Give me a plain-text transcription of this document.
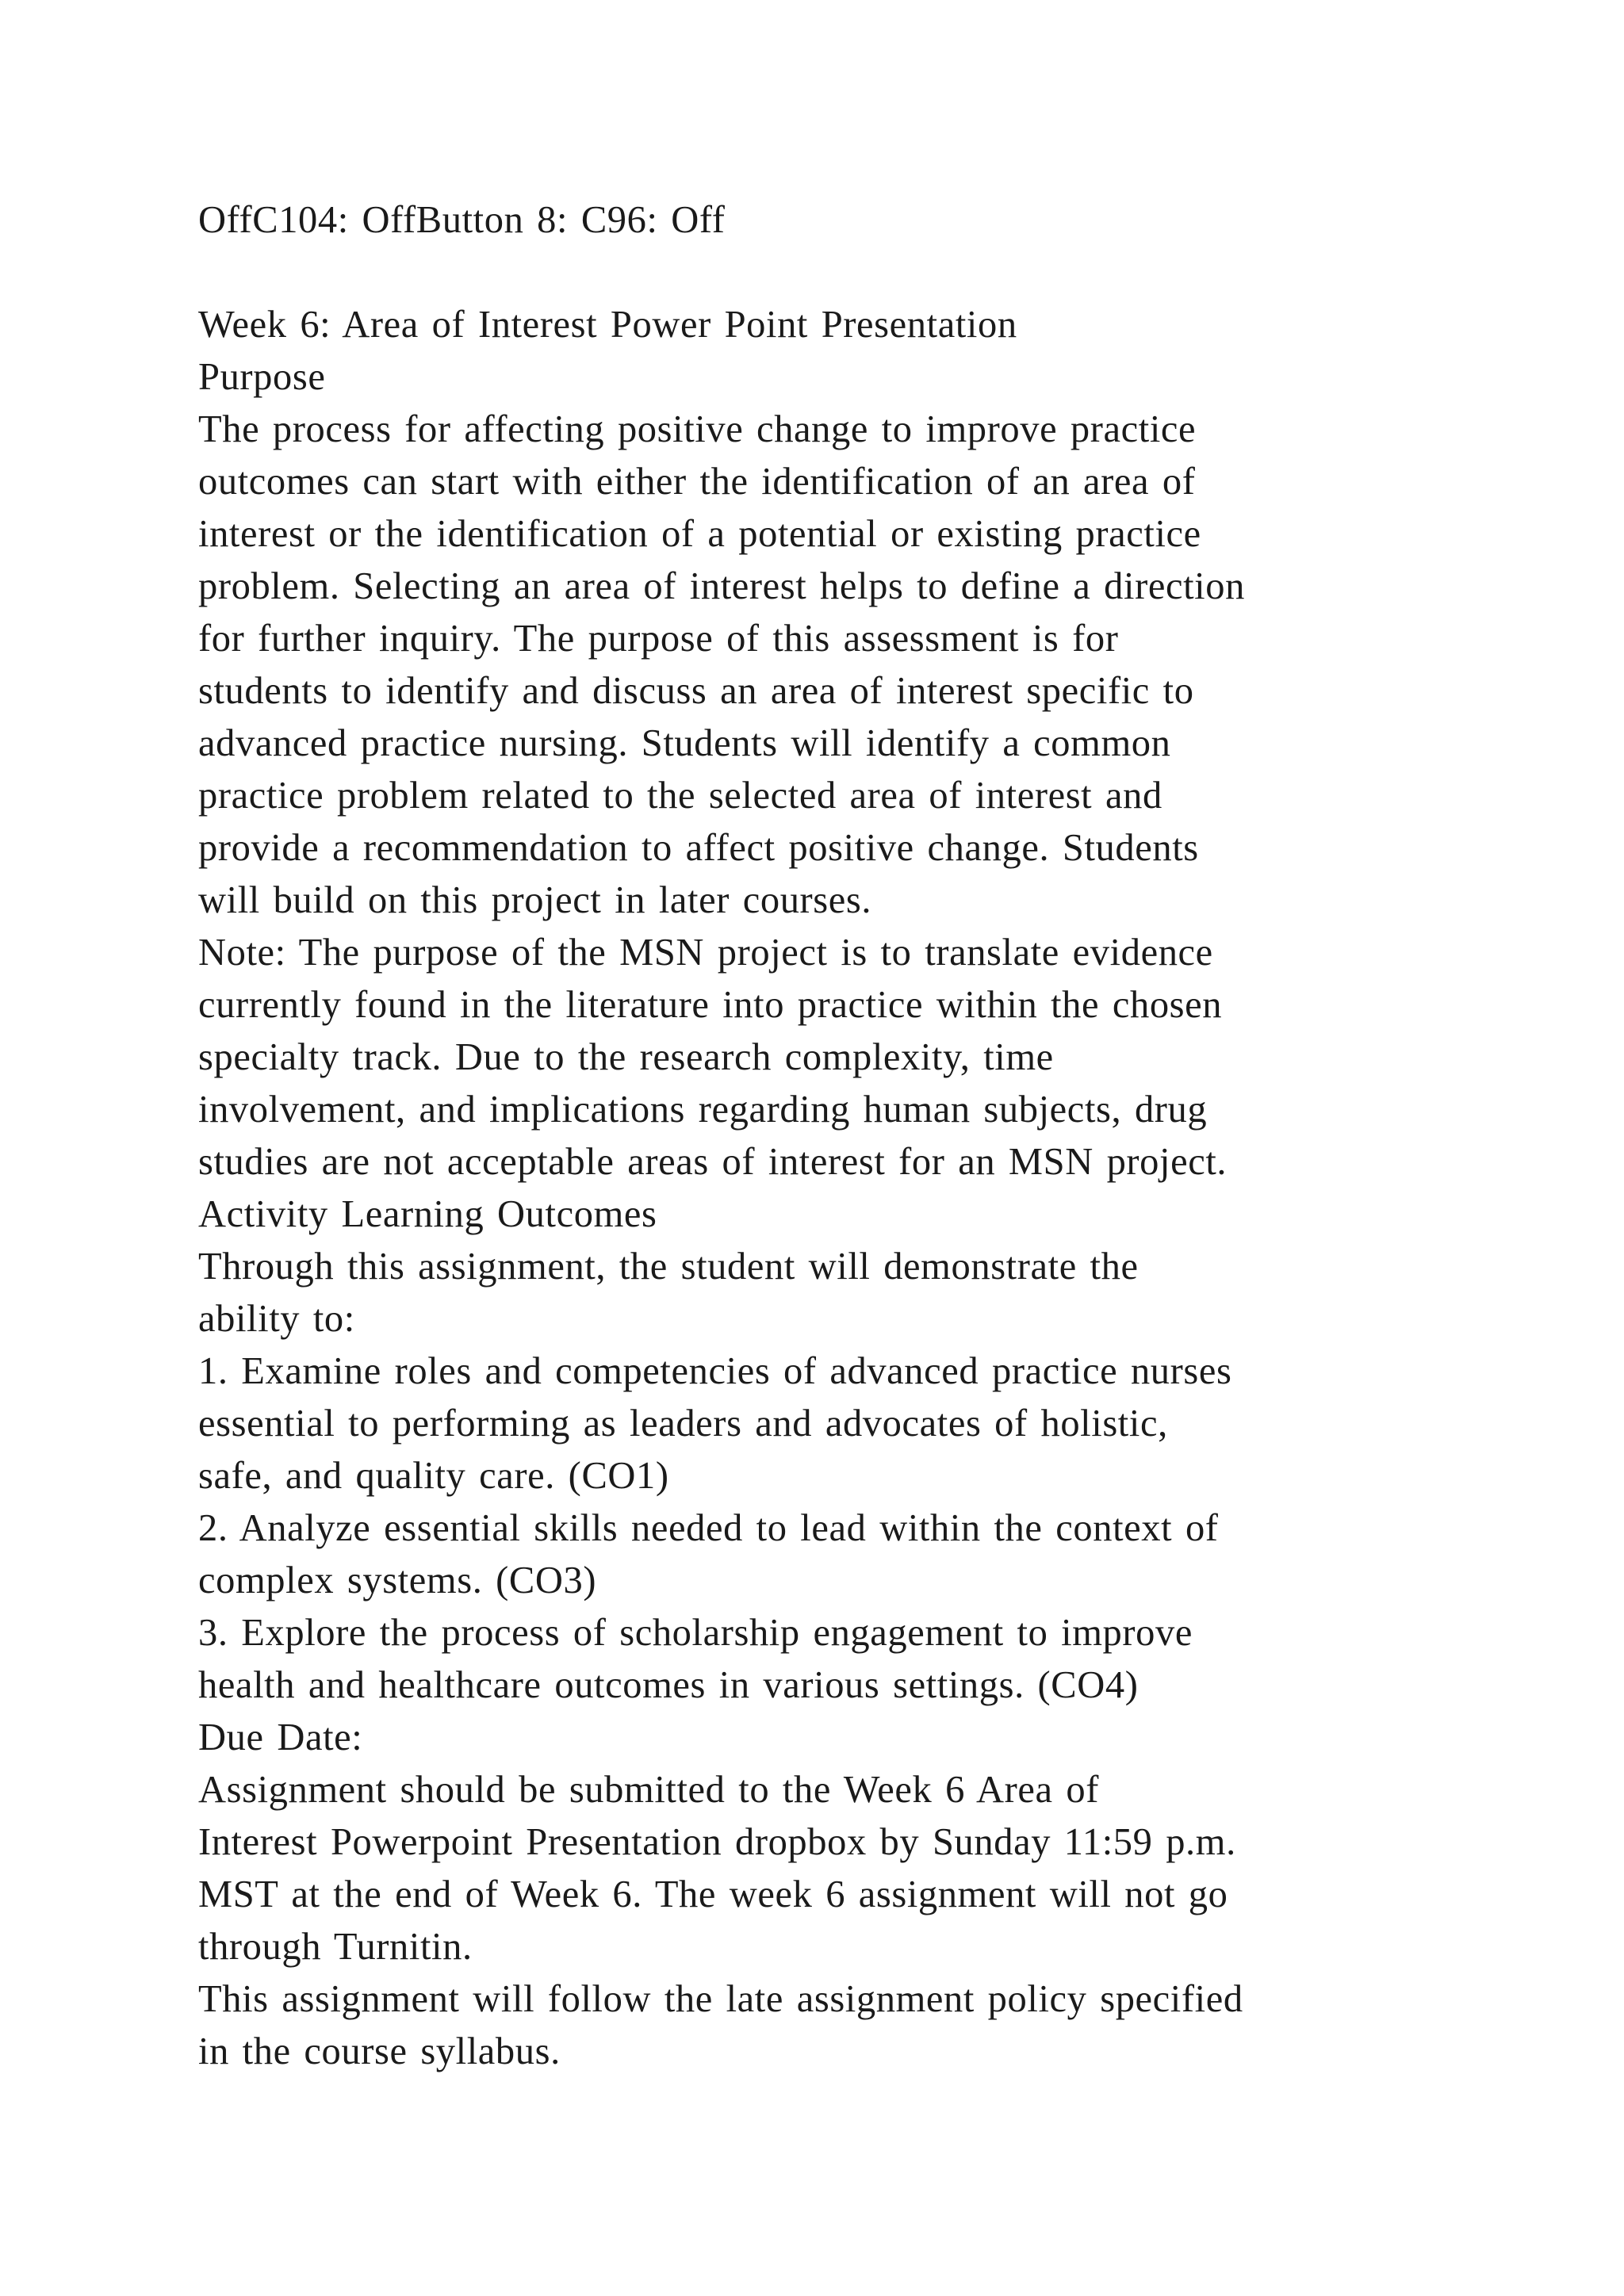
OffC104: OffButton 8: C96: Off
Week 6: Area of Interest Power Point Presentation
Purpose
The process for affecting positive change to improve practice
outcomes can start with either the identification of an area of
interest or the identification of a potential or existing practice
problem. Selecting an area of interest helps to define a direction
for further inquiry. The purpose of this assessment is for
students to identify and discuss an area of interest specific to
advanced practice nursing. Students will identify a common
practice problem related to the selected area of interest and
provide a recommendation to affect positive change. Students
will build on this project in later courses.
Note: The purpose of the MSN project is to translate evidence
currently found in the literature into practice within the chosen
specialty track. Due to the research complexity, time
involvement, and implications regarding human subjects, drug
studies are not acceptable areas of interest for an MSN project.
Activity Learning Outcomes
Through this assignment, the student will demonstrate the
ability to:
1. Examine roles and competencies of advanced practice nurses
essential to performing as leaders and advocates of holistic,
safe, and quality care. (CO1)
2. Analyze essential skills needed to lead within the context of
complex systems. (CO3)
3. Explore the process of scholarship engagement to improve
health and healthcare outcomes in various settings. (CO4)
Due Date:
Assignment should be submitted to the Week 6 Area of
Interest Powerpoint Presentation dropbox by Sunday 11:59 p.m.
MST at the end of Week 6. The week 6 assignment will not go
through Turnitin.
This assignment will follow the late assignment policy specified
in the course syllabus.
